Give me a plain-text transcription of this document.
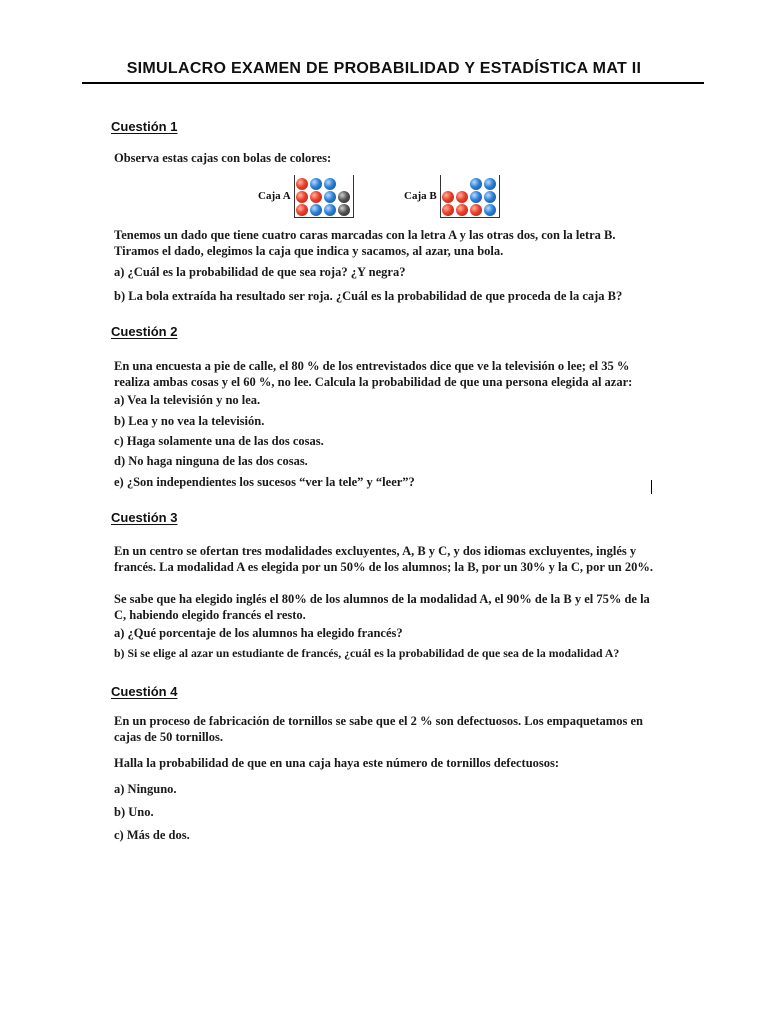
SIMULACRO EXAMEN DE PROBABILIDAD Y ESTADÍSTICA MAT II
Cuestión 1
Observa estas cajas con bolas de colores:
Caja A	Caja B
Tenemos un dado que tiene cuatro caras marcadas con la letra A y las otras dos, con la letra B. Tiramos el dado, elegimos la caja que indica y sacamos, al azar, una bola.
a) ¿Cuál es la probabilidad de que sea roja? ¿Y negra?
b) La bola extraída ha resultado ser roja. ¿Cuál es la probabilidad de que proceda de la caja B?
Cuestión 2
En una encuesta a pie de calle, el 80 % de los entrevistados dice que ve la televisión o lee; el 35 % realiza ambas cosas y el 60 %, no lee. Calcula la probabilidad de que una persona elegida al azar:
a) Vea la televisión y no lea.
b) Lea y no vea la televisión.
c) Haga solamente una de las dos cosas.
d) No haga ninguna de las dos cosas.
e) ¿Son independientes los sucesos “ver la tele” y “leer”?
Cuestión 3
En un centro se ofertan tres modalidades excluyentes, A, B y C, y dos idiomas excluyentes, inglés y francés. La modalidad A es elegida por un 50% de los alumnos; la B, por un 30% y la C, por un 20%.
Se sabe que ha elegido inglés el 80% de los alumnos de la modalidad A, el 90% de la B y el 75% de la C, habiendo elegido francés el resto.
a) ¿Qué porcentaje de los alumnos ha elegido francés?
b) Si se elige al azar un estudiante de francés, ¿cuál es la probabilidad de que sea de la modalidad A?
Cuestión 4
En un proceso de fabricación de tornillos se sabe que el 2 % son defectuosos. Los empaquetamos en cajas de 50 tornillos.
Halla la probabilidad de que en una caja haya este número de tornillos defectuosos:
a) Ninguno.
b) Uno.
c) Más de dos.
